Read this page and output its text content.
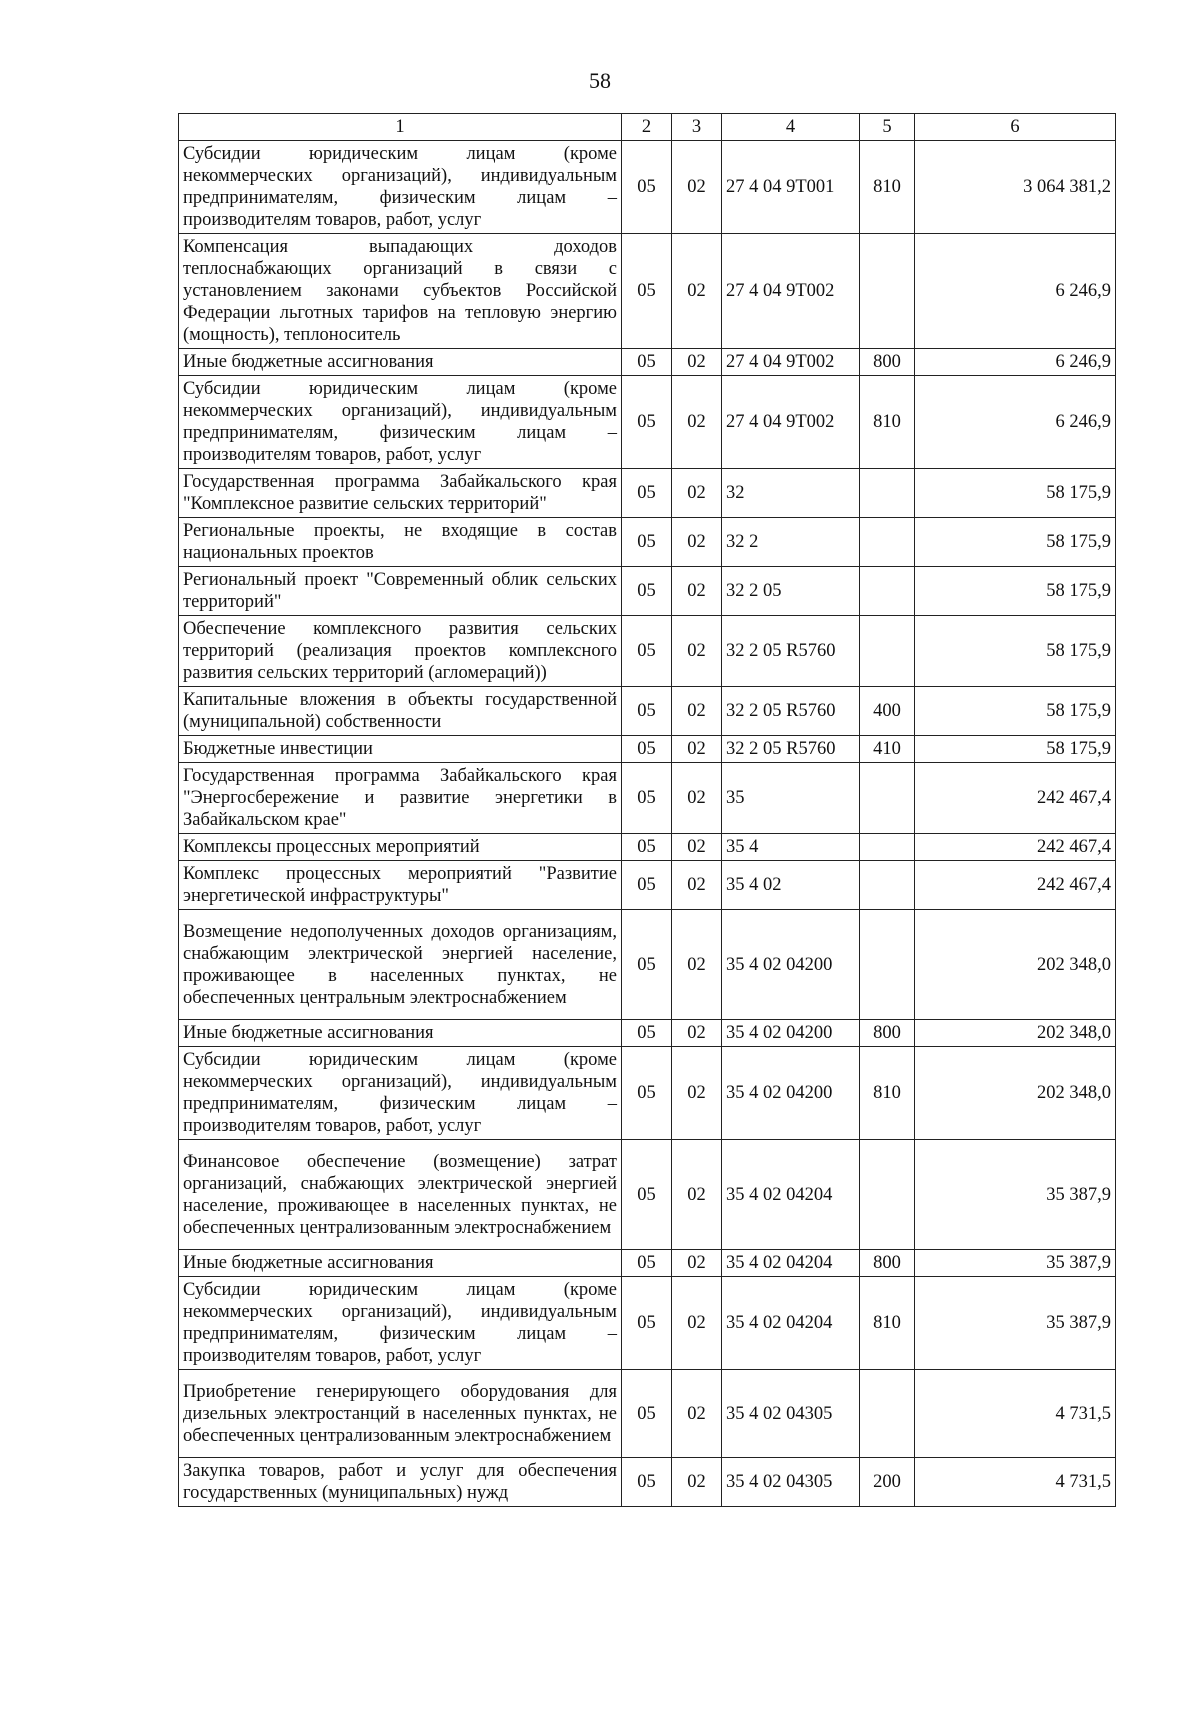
58
1	2	3	4	5	6
Субсидии юридическим лицам (кроме некоммерческих организаций), индивидуальным предпринимателям, физическим лицам – производителям товаров, работ, услуг	05	02	27 4 04 9Т001	810	3 064 381,2
Компенсация выпадающих доходов теплоснабжающих организаций в связи с установлением законами субъектов Российской Федерации льготных тарифов на тепловую энергию (мощность), теплоноситель	05	02	27 4 04 9Т002		6 246,9
Иные бюджетные ассигнования	05	02	27 4 04 9Т002	800	6 246,9
Субсидии юридическим лицам (кроме некоммерческих организаций), индивидуальным предпринимателям, физическим лицам – производителям товаров, работ, услуг	05	02	27 4 04 9Т002	810	6 246,9
Государственная программа Забайкальского края "Комплексное развитие сельских территорий"	05	02	32		58 175,9
Региональные проекты, не входящие в состав национальных проектов	05	02	32 2		58 175,9
Региональный проект "Современный облик сельских территорий"	05	02	32 2 05		58 175,9
Обеспечение комплексного развития сельских территорий (реализация проектов комплексного развития сельских территорий (агломераций))	05	02	32 2 05 R5760		58 175,9
Капитальные вложения в объекты государственной (муниципальной) собственности	05	02	32 2 05 R5760	400	58 175,9
Бюджетные инвестиции	05	02	32 2 05 R5760	410	58 175,9
Государственная программа Забайкальского края "Энергосбережение и развитие энергетики в Забайкальском крае"	05	02	35		242 467,4
Комплексы процессных мероприятий	05	02	35 4		242 467,4
Комплекс процессных мероприятий "Развитие энергетической инфраструктуры"	05	02	35 4 02		242 467,4
Возмещение недополученных доходов организациям, снабжающим электрической энергией население, проживающее в населенных пунктах, не обеспеченных центральным электроснабжением	05	02	35 4 02 04200		202 348,0
Иные бюджетные ассигнования	05	02	35 4 02 04200	800	202 348,0
Субсидии юридическим лицам (кроме некоммерческих организаций), индивидуальным предпринимателям, физическим лицам – производителям товаров, работ, услуг	05	02	35 4 02 04200	810	202 348,0
Финансовое обеспечение (возмещение) затрат организаций, снабжающих электрической энергией население, проживающее в населенных пунктах, не обеспеченных централизованным электроснабжением	05	02	35 4 02 04204		35 387,9
Иные бюджетные ассигнования	05	02	35 4 02 04204	800	35 387,9
Субсидии юридическим лицам (кроме некоммерческих организаций), индивидуальным предпринимателям, физическим лицам – производителям товаров, работ, услуг	05	02	35 4 02 04204	810	35 387,9
Приобретение генерирующего оборудования для дизельных электростанций в населенных пунктах, не обеспеченных централизованным электроснабжением	05	02	35 4 02 04305		4 731,5
Закупка товаров, работ и услуг для обеспечения государственных (муниципальных) нужд	05	02	35 4 02 04305	200	4 731,5
